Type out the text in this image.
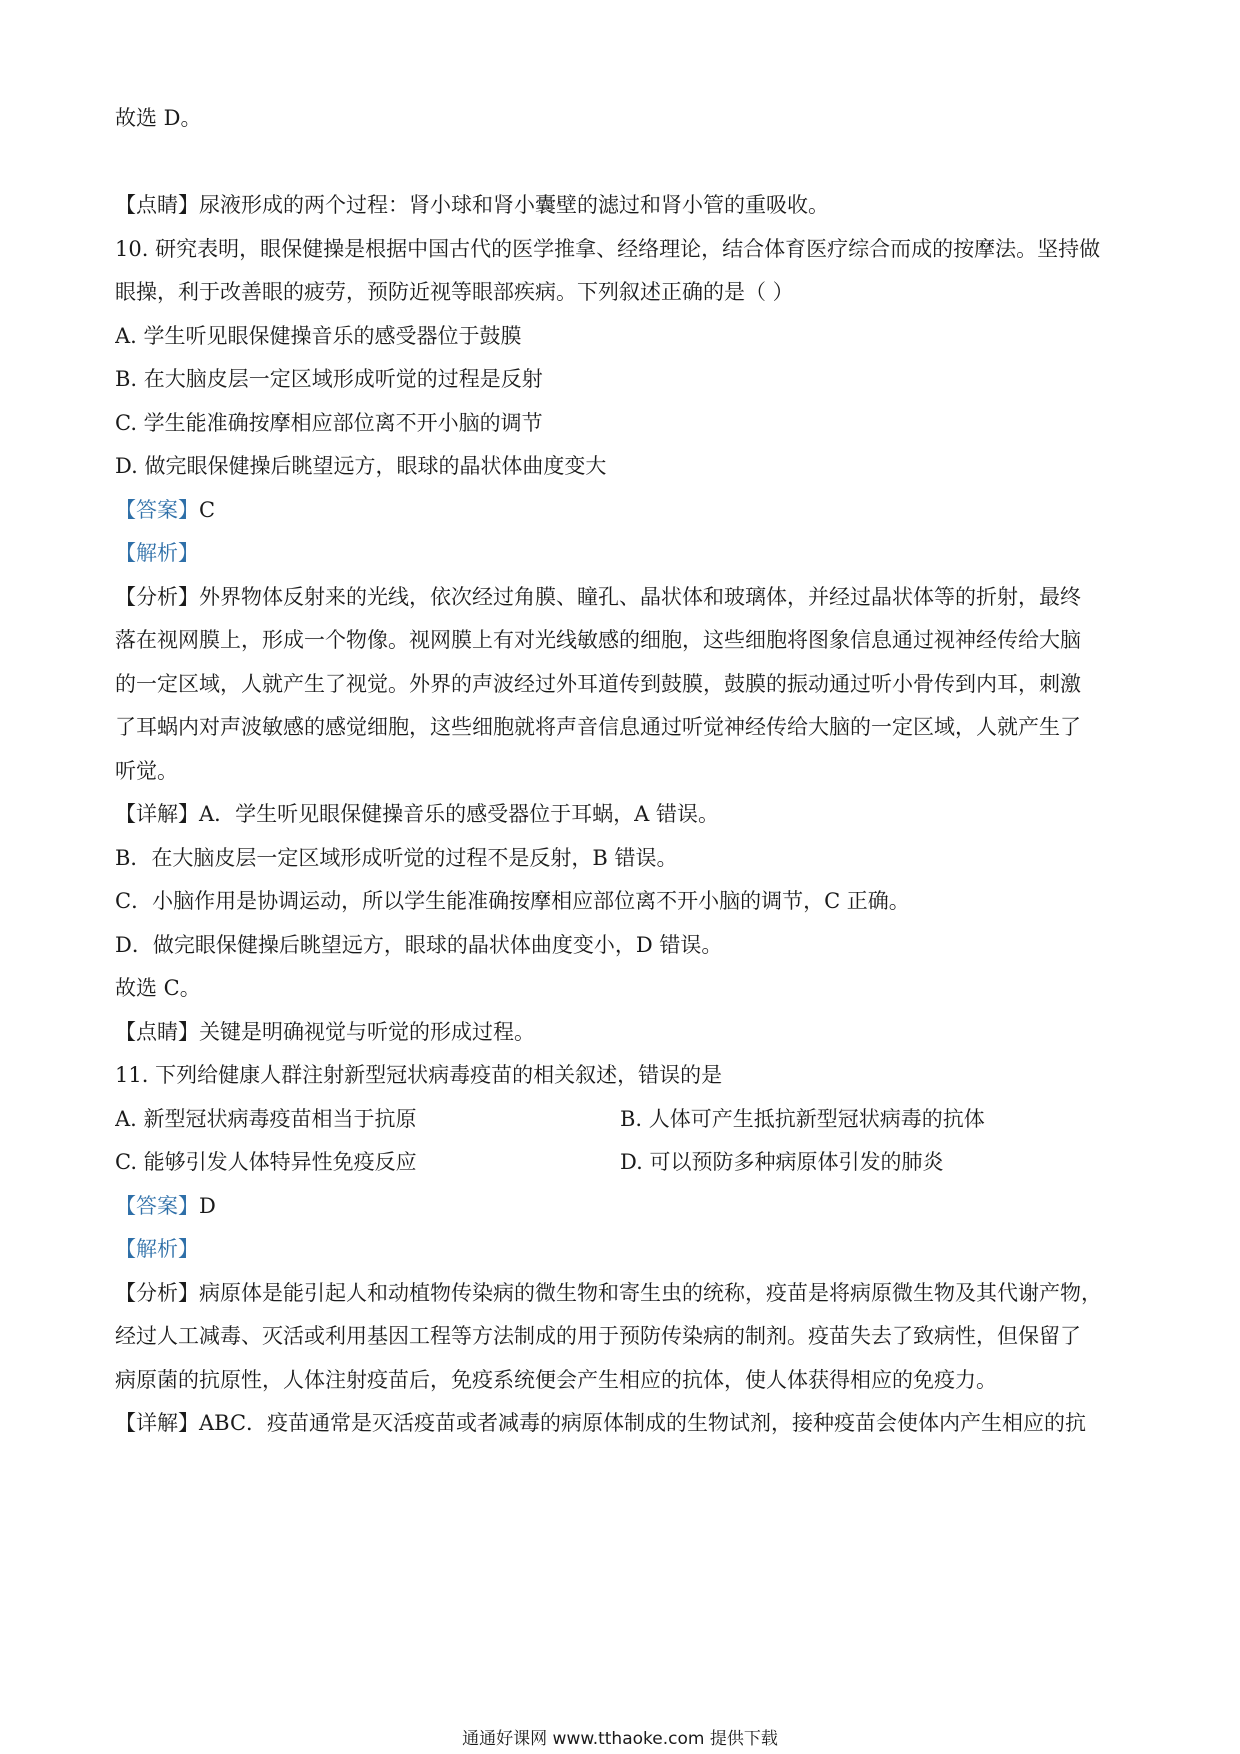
故选 D。
【点睛】尿液形成的两个过程：肾小球和肾小囊壁的滤过和肾小管的重吸收。
10. 研究表明，眼保健操是根据中国古代的医学推拿、经络理论，结合体育医疗综合而成的按摩法。坚持做
眼操，利于改善眼的疲劳，预防近视等眼部疾病。下列叙述正确的是（ ）
A. 学生听见眼保健操音乐的感受器位于鼓膜
B. 在大脑皮层一定区域形成听觉的过程是反射
C. 学生能准确按摩相应部位离不开小脑的调节
D. 做完眼保健操后眺望远方，眼球的晶状体曲度变大
【答案】C
【解析】
【分析】外界物体反射来的光线，依次经过角膜、瞳孔、晶状体和玻璃体，并经过晶状体等的折射，最终
落在视网膜上，形成一个物像。视网膜上有对光线敏感的细胞，这些细胞将图象信息通过视神经传给大脑
的一定区域，人就产生了视觉。外界的声波经过外耳道传到鼓膜，鼓膜的振动通过听小骨传到内耳，刺激
了耳蜗内对声波敏感的感觉细胞，这些细胞就将声音信息通过听觉神经传给大脑的一定区域，人就产生了
听觉。
【详解】A．学生听见眼保健操音乐的感受器位于耳蜗，A 错误。
B．在大脑皮层一定区域形成听觉的过程不是反射，B 错误。
C．小脑作用是协调运动，所以学生能准确按摩相应部位离不开小脑的调节，C 正确。
D．做完眼保健操后眺望远方，眼球的晶状体曲度变小，D 错误。
故选 C。
【点睛】关键是明确视觉与听觉的形成过程。
11. 下列给健康人群注射新型冠状病毒疫苗的相关叙述，错误的是
A. 新型冠状病毒疫苗相当于抗原	B. 人体可产生抵抗新型冠状病毒的抗体
C. 能够引发人体特异性免疫反应	D. 可以预防多种病原体引发的肺炎
【答案】D
【解析】
【分析】病原体是能引起人和动植物传染病的微生物和寄生虫的统称，疫苗是将病原微生物及其代谢产物，
经过人工减毒、灭活或利用基因工程等方法制成的用于预防传染病的制剂。疫苗失去了致病性，但保留了
病原菌的抗原性，人体注射疫苗后，免疫系统便会产生相应的抗体，使人体获得相应的免疫力。
【详解】ABC．疫苗通常是灭活疫苗或者减毒的病原体制成的生物试剂，接种疫苗会使体内产生相应的抗
通通好课网 www.tthaoke.com 提供下载
